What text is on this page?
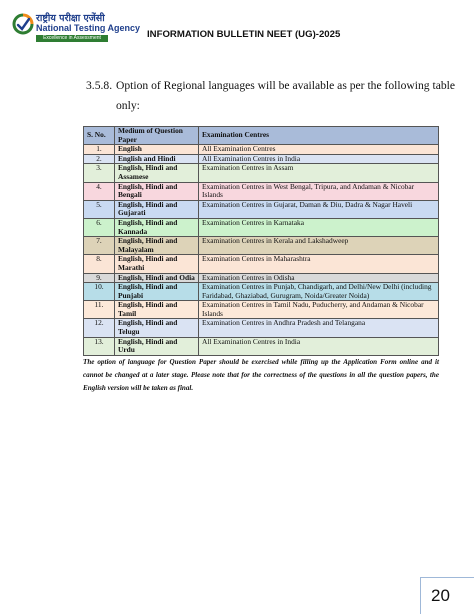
राष्ट्रीय परीक्षा एजेंसी
National Testing Agency
Excellence in Assessment	INFORMATION BULLETIN NEET (UG)-2025
3.5.8. Option of Regional languages will be available as per the following table
only:
S. No.	Medium of Question Paper	Examination Centres
1.	English	All Examination Centres
2.	English and Hindi	All Examination Centres in India
3.	English, Hindi and Assamese	Examination Centres in Assam
4.	English, Hindi and Bengali	Examination Centres in West Bengal, Tripura, and Andaman & Nicobar Islands
5.	English, Hindi and Gujarati	Examination Centres in Gujarat, Daman & Diu, Dadra & Nagar Haveli
6.	English, Hindi and Kannada	Examination Centres in Karnataka
7.	English, Hindi and Malayalam	Examination Centres in Kerala and Lakshadweep
8.	English, Hindi and Marathi	Examination Centres in Maharashtra
9.	English, Hindi and Odia	Examination Centres in Odisha
10.	English, Hindi and Punjabi	Examination Centres in Punjab, Chandigarh, and Delhi/New Delhi (including Faridabad, Ghaziabad, Gurugram, Noida/Greater Noida)
11.	English, Hindi and Tamil	Examination Centres in Tamil Nadu, Puducherry, and Andaman & Nicobar Islands
12.	English, Hindi and Telugu	Examination Centres in Andhra Pradesh and Telangana
13.	English, Hindi and Urdu	All Examination Centres in India
The option of language for Question Paper should be exercised while filling up the Application Form online and it cannot be changed at a later stage. Please note that for the correctness of the questions in all the question papers, the English version will be taken as final.
20
